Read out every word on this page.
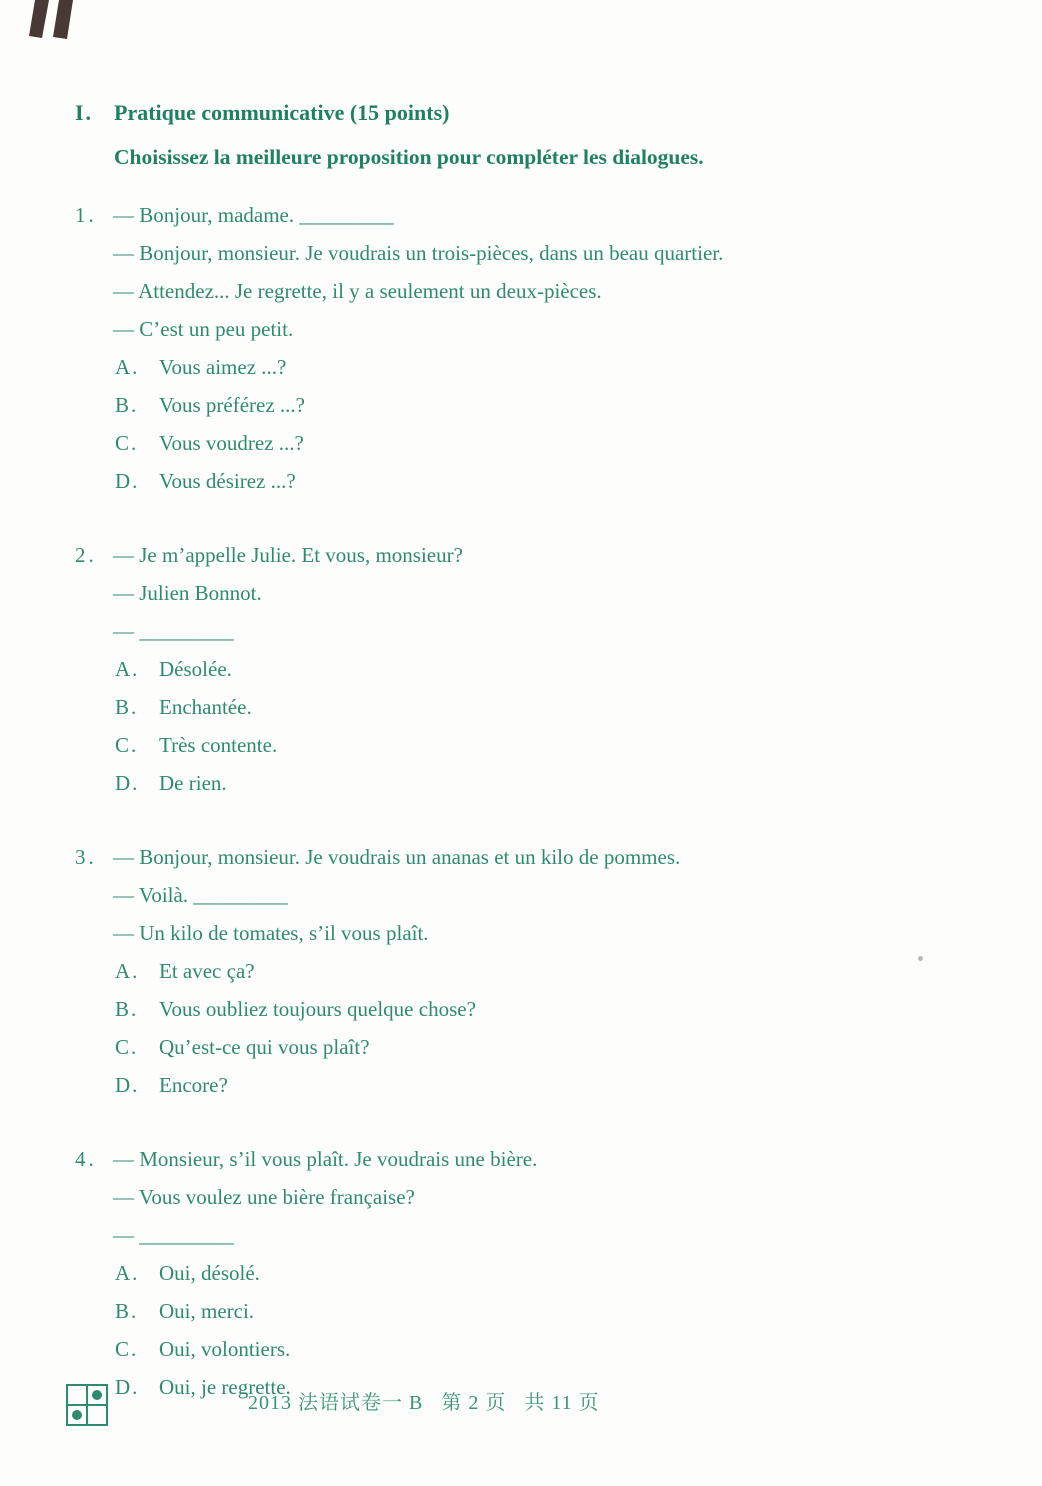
I. Pratique communicative (15 points)
Choisissez la meilleure proposition pour compléter les dialogues.
1. — Bonjour, madame. _________
— Bonjour, monsieur. Je voudrais un trois-pièces, dans un beau quartier.
— Attendez... Je regrette, il y a seulement un deux-pièces.
— C’est un peu petit.
A. Vous aimez ...?
B. Vous préférez ...?
C. Vous voudrez ...?
D. Vous désirez ...?
2. — Je m’appelle Julie. Et vous, monsieur?
— Julien Bonnot.
— _________
A. Désolée.
B. Enchantée.
C. Très contente.
D. De rien.
3. — Bonjour, monsieur. Je voudrais un ananas et un kilo de pommes.
— Voilà. _________
— Un kilo de tomates, s’il vous plaît.
A. Et avec ça?
B. Vous oubliez toujours quelque chose?
C. Qu’est-ce qui vous plaît?
D. Encore?
4. — Monsieur, s’il vous plaît. Je voudrais une bière.
— Vous voulez une bière française?
— _________
A. Oui, désolé.
B. Oui, merci.
C. Oui, volontiers.
D. Oui, je regrette.
2013 法语试卷一 B   第 2 页   共 11 页
